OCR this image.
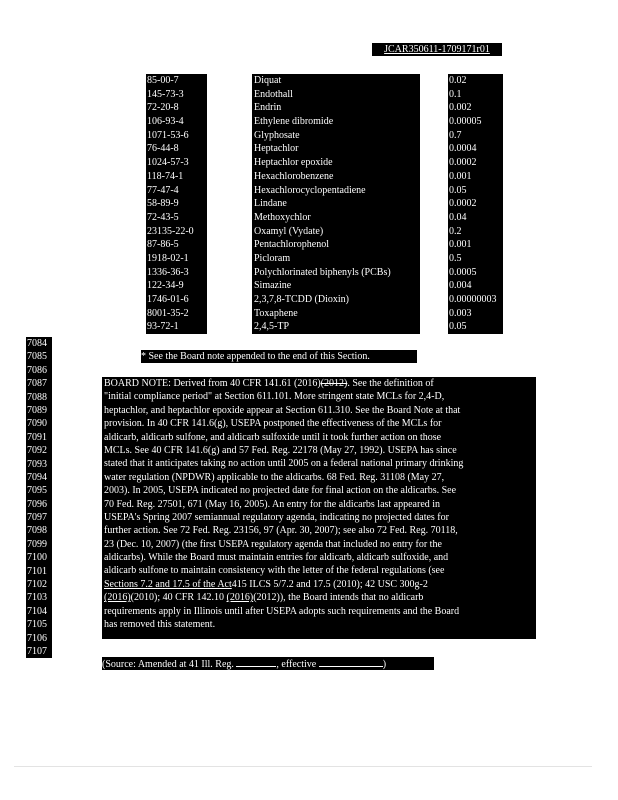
JCAR350611-1709171r01
85-00-7	Diquat	0.02
145-73-3	Endothall	0.1
72-20-8	Endrin	0.002
106-93-4	Ethylene dibromide	0.00005
1071-53-6	Glyphosate	0.7
76-44-8	Heptachlor	0.0004
1024-57-3	Heptachlor epoxide	0.0002
118-74-1	Hexachlorobenzene	0.001
77-47-4	Hexachlorocyclopentadiene	0.05
58-89-9	Lindane	0.0002
72-43-5	Methoxychlor	0.04
23135-22-0	Oxamyl (Vydate)	0.2
87-86-5	Pentachlorophenol	0.001
1918-02-1	Picloram	0.5
1336-36-3	Polychlorinated biphenyls (PCBs)	0.0005
122-34-9	Simazine	0.004
1746-01-6	2,3,7,8-TCDD (Dioxin)	0.00000003
8001-35-2	Toxaphene	0.003
93-72-1	2,4,5-TP	0.05
7084
7085
7086
7087
7088
7089
7090
7091
7092
7093
7094
7095
7096
7097
7098
7099
7100
7101
7102
7103
7104
7105
7106
7107
* See the Board note appended to the end of this Section.
BOARD NOTE: Derived from 40 CFR 141.61 (2016)(2012). See the definition of
"initial compliance period" at Section 611.101. More stringent state MCLs for 2,4-D,
heptachlor, and heptachlor epoxide appear at Section 611.310. See the Board Note at that
provision. In 40 CFR 141.6(g), USEPA postponed the effectiveness of the MCLs for
aldicarb, aldicarb sulfone, and aldicarb sulfoxide until it took further action on those
MCLs. See 40 CFR 141.6(g) and 57 Fed. Reg. 22178 (May 27, 1992). USEPA has since
stated that it anticipates taking no action until 2005 on a federal national primary drinking
water regulation (NPDWR) applicable to the aldicarbs. 68 Fed. Reg. 31108 (May 27,
2003). In 2005, USEPA indicated no projected date for final action on the aldicarbs. See
70 Fed. Reg. 27501, 671 (May 16, 2005). An entry for the aldicarbs last appeared in
USEPA's Spring 2007 semiannual regulatory agenda, indicating no projected dates for
further action. See 72 Fed. Reg. 23156, 97 (Apr. 30, 2007); see also 72 Fed. Reg. 70118,
23 (Dec. 10, 2007) (the first USEPA regulatory agenda that included no entry for the
aldicarbs). While the Board must maintain entries for aldicarb, aldicarb sulfoxide, and
aldicarb sulfone to maintain consistency with the letter of the federal regulations (see
Sections 7.2 and 17.5 of the Act415 ILCS 5/7.2 and 17.5 (2010); 42 USC 300g-2
(2016)(2010); 40 CFR 142.10 (2016)(2012)), the Board intends that no aldicarb
requirements apply in Illinois until after USEPA adopts such requirements and the Board
has removed this statement.
(Source: Amended at 41 Ill. Reg.	, effective	)
